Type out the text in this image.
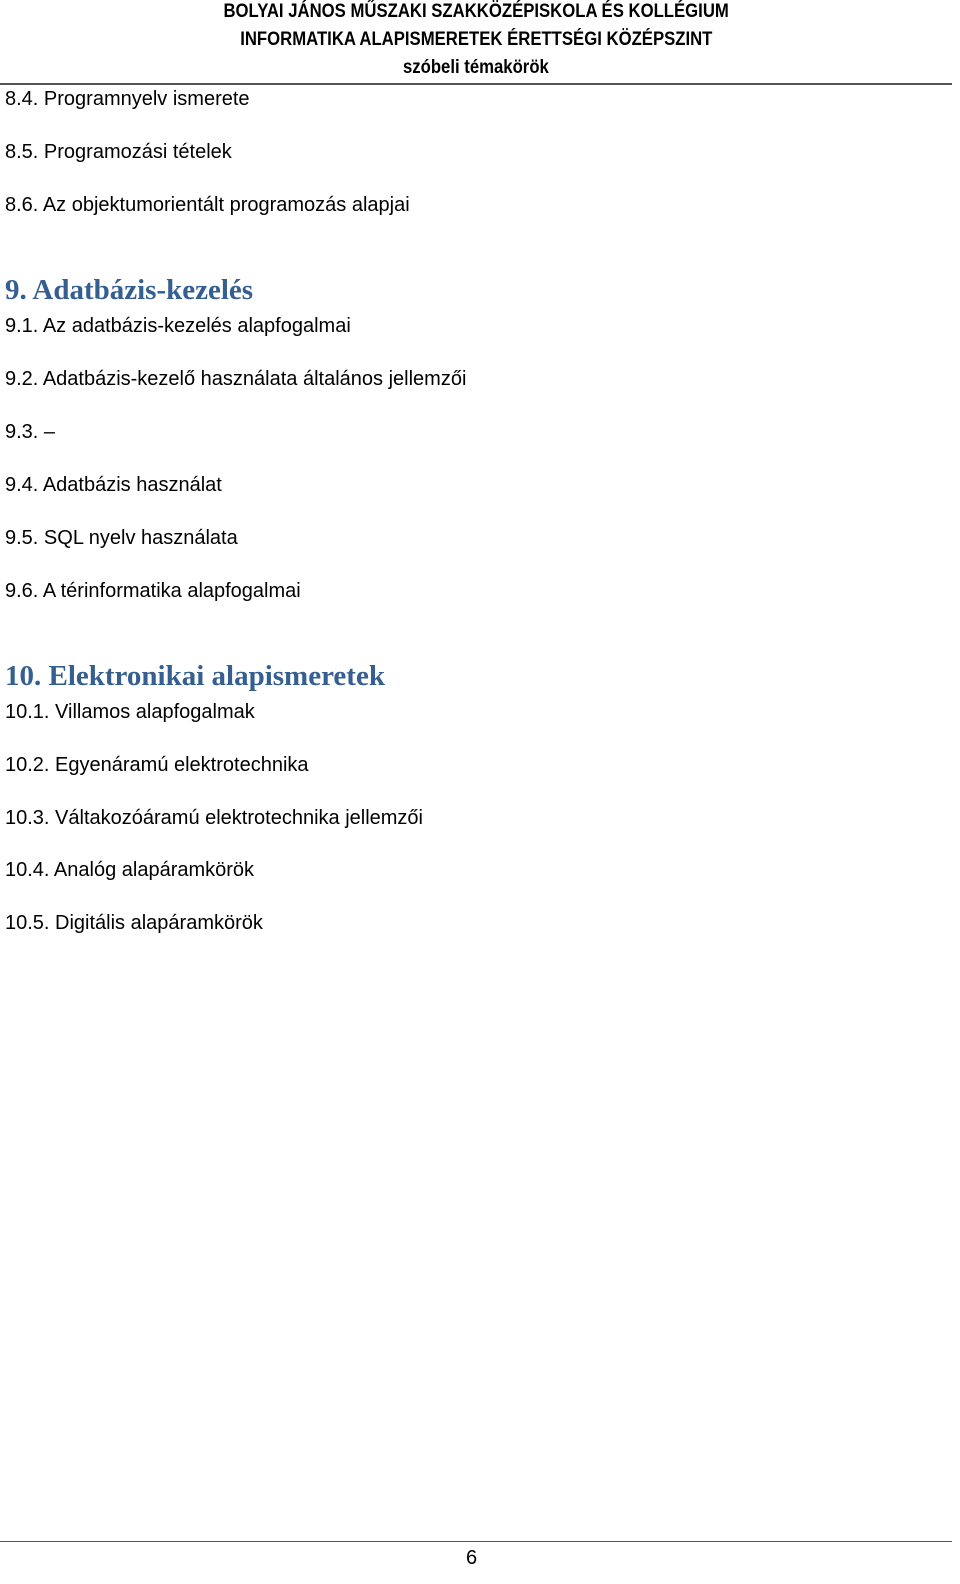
BOLYAI JÁNOS MŰSZAKI SZAKKÖZÉPISKOLA ÉS KOLLÉGIUM
INFORMATIKA ALAPISMERETEK ÉRETTSÉGI KÖZÉPSZINT
szóbeli témakörök
8.4. Programnyelv ismerete
8.5. Programozási tételek
8.6. Az objektumorientált programozás alapjai
9. Adatbázis-kezelés
9.1. Az adatbázis-kezelés alapfogalmai
9.2. Adatbázis-kezelő használata általános jellemzői
9.3. –
9.4. Adatbázis használat
9.5. SQL nyelv használata
9.6. A térinformatika alapfogalmai
10. Elektronikai alapismeretek
10.1. Villamos alapfogalmak
10.2. Egyenáramú elektrotechnika
10.3. Váltakozóáramú elektrotechnika jellemzői
10.4. Analóg alapáramkörök
10.5. Digitális alapáramkörök
6
